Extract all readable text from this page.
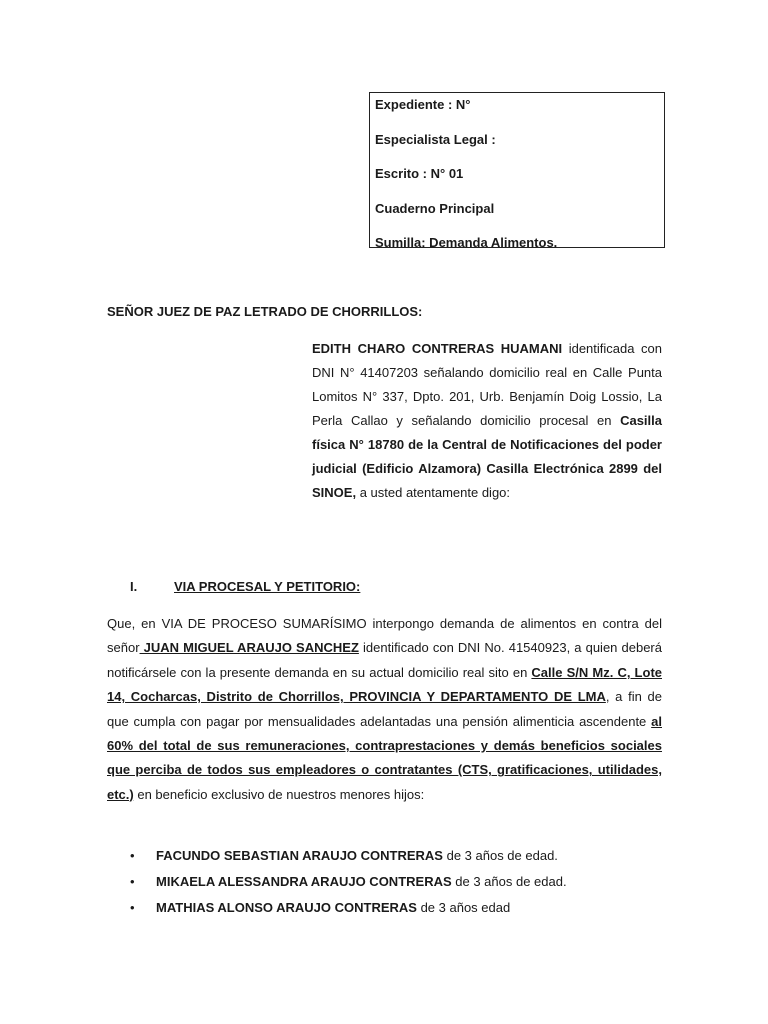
Expediente : N°

Especialista Legal :

Escrito : N° 01

Cuaderno Principal

Sumilla: Demanda Alimentos.

SEÑOR JUEZ DE PAZ LETRADO DE CHORRILLOS:

EDITH CHARO CONTRERAS HUAMANI identificada con DNI N° 41407203 señalando domicilio real en Calle Punta Lomitos N° 337, Dpto. 201, Urb. Benjamín Doig Lossio, La Perla Callao y señalando domicilio procesal en Casilla física N° 18780 de la Central de Notificaciones del poder judicial (Edificio Alzamora) Casilla Electrónica 2899 del SINOE, a usted atentamente digo:

I.	VIA PROCESAL Y PETITORIO:

Que, en VIA DE PROCESO SUMARÍSIMO interpongo demanda de alimentos en contra del señor JUAN MIGUEL ARAUJO SANCHEZ identificado con DNI No. 41540923, a quien deberá notificársele con la presente demanda en su actual domicilio real sito en Calle S/N Mz. C, Lote 14, Cocharcas, Distrito de Chorrillos, PROVINCIA Y DEPARTAMENTO DE LMA, a fin de que cumpla con pagar por mensualidades adelantadas una pensión alimenticia ascendente al 60% del total de sus remuneraciones, contraprestaciones y demás beneficios sociales que perciba de todos sus empleadores o contratantes (CTS, gratificaciones, utilidades, etc.) en beneficio exclusivo de nuestros menores hijos:

• FACUNDO SEBASTIAN ARAUJO CONTRERAS de 3 años de edad.
• MIKAELA ALESSANDRA ARAUJO CONTRERAS de 3 años de edad.
• MATHIAS ALONSO ARAUJO CONTRERAS de 3 años edad
